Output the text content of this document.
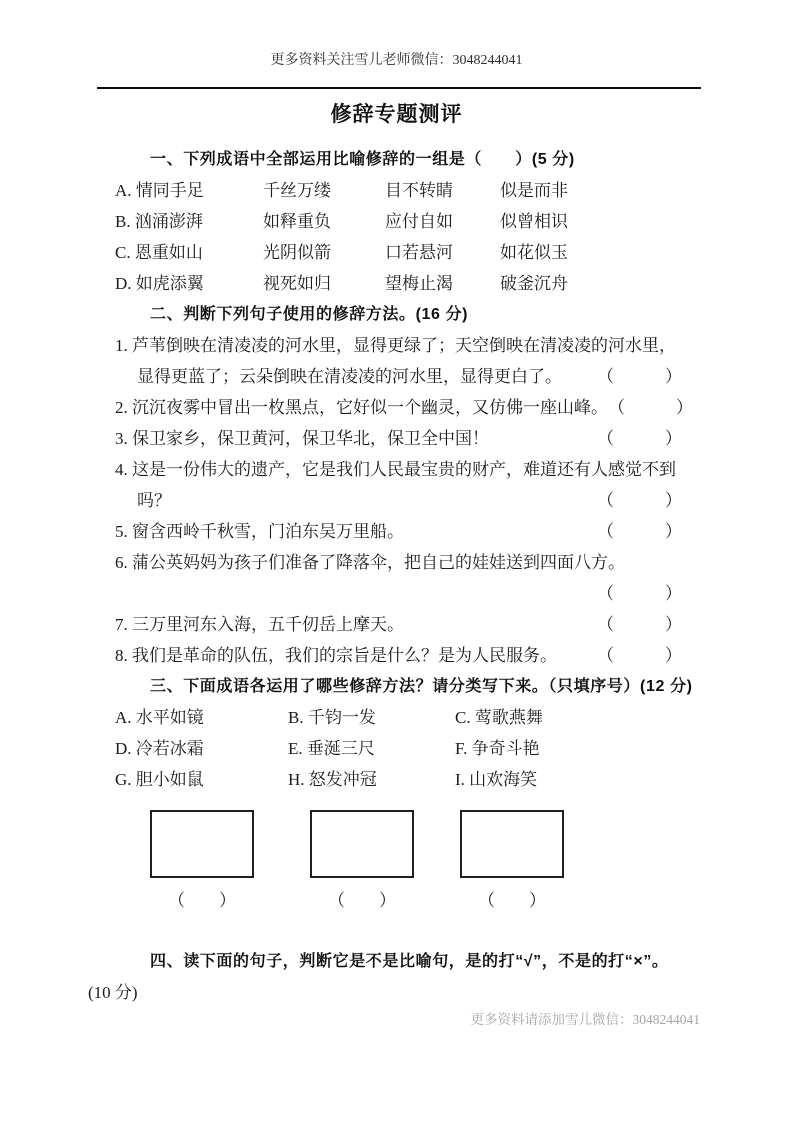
更多资料关注雪儿老师微信：3048244041
修辞专题测评
一、下列成语中全部运用比喻修辞的一组是（　　）(5 分)
A. 情同手足	千丝万缕	目不转睛	似是而非
B. 汹涌澎湃	如释重负	应付自如	似曾相识
C. 恩重如山	光阴似箭	口若悬河	如花似玉
D. 如虎添翼	视死如归	望梅止渴	破釜沉舟
二、判断下列句子使用的修辞方法。(16 分)
1. 芦苇倒映在清凌凌的河水里，显得更绿了；天空倒映在清凌凌的河水里，
显得更蓝了；云朵倒映在清凌凌的河水里，显得更白了。 （　　　）
2. 沉沉夜雾中冒出一枚黑点，它好似一个幽灵，又仿佛一座山峰。 （　　　）
3. 保卫家乡，保卫黄河，保卫华北，保卫全中国！	（　　　）
4. 这是一份伟大的遗产，它是我们人民最宝贵的财产，难道还有人感觉不到
吗？	（　　　）
5. 窗含西岭千秋雪，门泊东吴万里船。	（　　　）
6. 蒲公英妈妈为孩子们准备了降落伞，把自己的娃娃送到四面八方。
（　　　）
7. 三万里河东入海，五千仞岳上摩天。	（　　　）
8. 我们是革命的队伍，我们的宗旨是什么？是为人民服务。 （　　　）
三、下面成语各运用了哪些修辞方法？请分类写下来。（只填序号）(12 分)
A. 水平如镜	B. 千钧一发	C. 莺歌燕舞
D. 冷若冰霜	E. 垂涎三尺	F. 争奇斗艳
G. 胆小如鼠	H. 怒发冲冠	I. 山欢海笑
（　　）	（　　）	（　　）
四、读下面的句子，判断它是不是比喻句，是的打“√”，不是的打“×”。
(10 分)
更多资料请添加雪儿微信：3048244041
